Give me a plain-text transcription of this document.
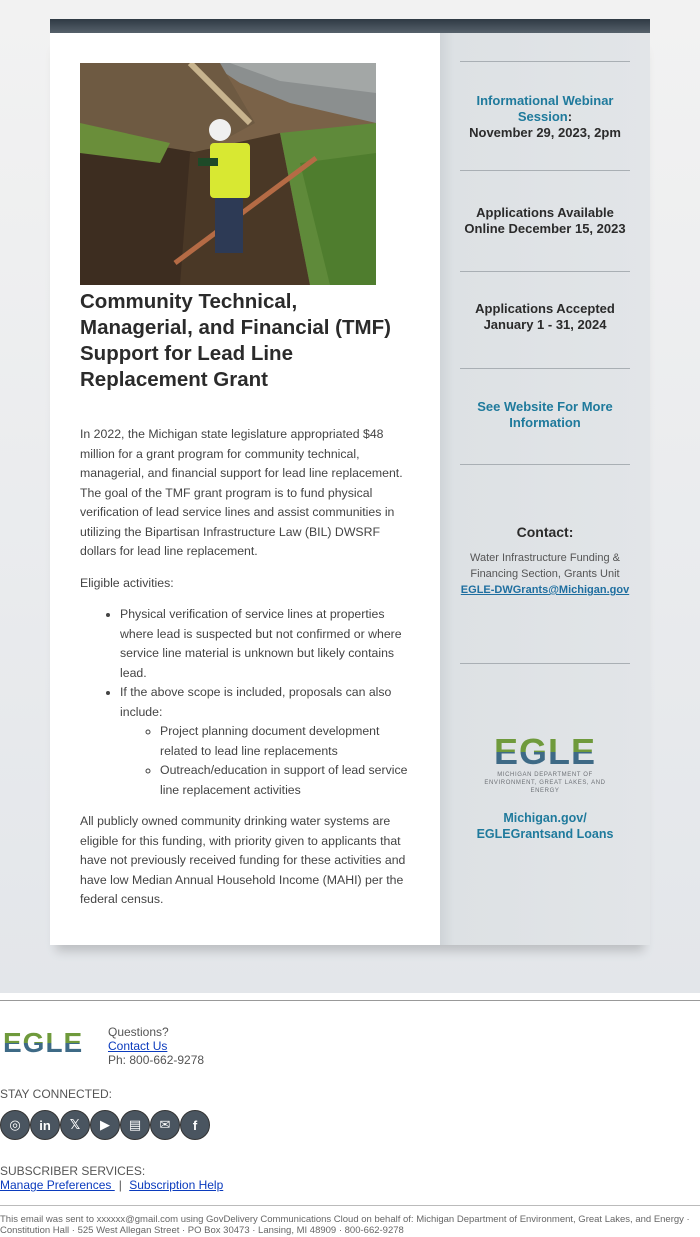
Community Technical, Managerial, and Financial (TMF) Support for Lead Line Replacement Grant

In 2022, the Michigan state legislature appropriated $48 million for a grant program for community technical, managerial, and financial support for lead line replacement. The goal of the TMF grant program is to fund physical verification of lead service lines and assist communities in utilizing the Bipartisan Infrastructure Law (BIL) DWSRF dollars for lead line replacement.

Eligible activities:

• Physical verification of service lines at properties where lead is suspected but not confirmed or where service line material is unknown but likely contains lead.
• If the above scope is included, proposals can also include:
◦ Project planning document development related to lead line replacements
◦ Outreach/education in support of lead service line replacement activities

All publicly owned community drinking water systems are eligible for this funding, with priority given to applicants that have not previously received funding for these activities and have low Median Annual Household Income (MAHI) per the federal census.

Informational Webinar Session:
November 29, 2023, 2pm
Applications Available Online December 15, 2023
Applications Accepted January 1 - 31, 2024
See Website For More Information
Contact:
Water Infrastructure Funding & Financing Section, Grants Unit
EGLE-DWGrants@Michigan.gov
EGLE
MICHIGAN DEPARTMENT OF ENVIRONMENT, GREAT LAKES, AND ENERGY
Michigan.gov/
EGLEGrantsand Loans
EGLE Questions?
Contact Us
Ph: 800-662-9278
STAY CONNECTED:
◎	in	𝕏	▶	▤	✉	f
SUBSCRIBER SERVICES:
Manage Preferences | Subscription Help
This email was sent to xxxxxx@gmail.com using GovDelivery Communications Cloud on behalf of: Michigan Department of Environment, Great Lakes, and Energy · Constitution Hall · 525 West Allegan Street · PO Box 30473 · Lansing, MI 48909 · 800-662-9278
